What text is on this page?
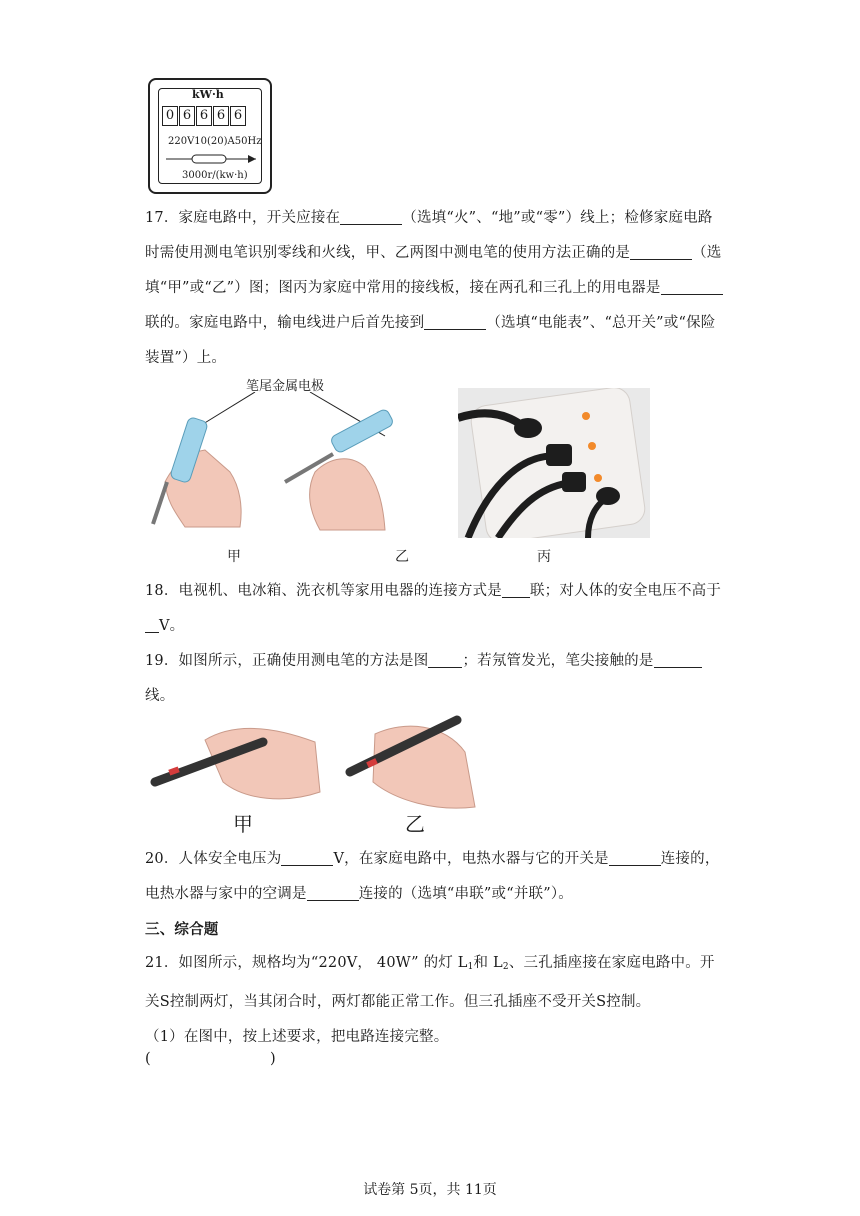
kW·h
0 6 6 6 6
220V10(20)A50Hz
3000r/(kw·h)
17．家庭电路中，开关应接在	（选填“火”、“地”或“零”）线上；检修家庭电路时需使用测电笔识别零线和火线，甲、乙两图中测电笔的使用方法正确的是	（选填“甲”或“乙”）图；图丙为家庭中常用的接线板，接在两孔和三孔上的用电器是联的。家庭电路中，输电线进户后首先接到	（选填“电能表”、“总开关”或“保险装置”）上。
笔尾金属电极
甲	乙	丙
18．电视机、电冰箱、洗衣机等家用电器的连接方式是 联；对人体的安全电压不高于
V。
19．如图所示，正确使用测电笔的方法是图 ；若氖管发光，笔尖接触的是
线。
甲	乙
20．人体安全电压为	V，在家庭电路中，电热水器与它的开关是	连接的，电热水器与家中的空调是	连接的（选填“串联”或“并联”）。
三、综合题
21．如图所示，规格均为“220V， 40W” 的灯 $L_1$和 $L_2$、三孔插座接在家庭电路中。开关S控制两灯，当其闭合时，两灯都能正常工作。但三孔插座不受开关S控制。
（1）在图中，按上述要求，把电路连接完整。
(	)
试卷第 5页，共 11页
